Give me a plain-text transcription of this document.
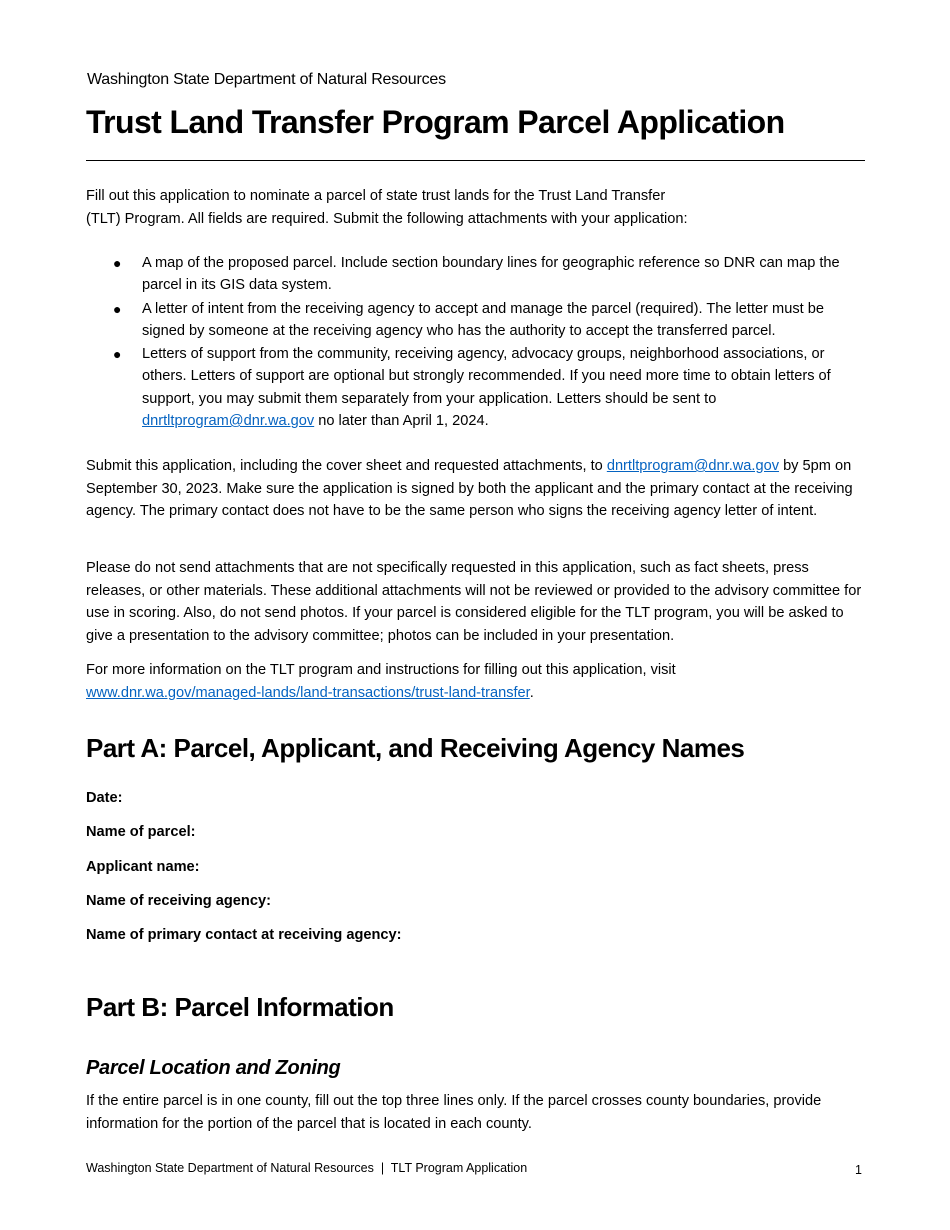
Washington State Department of Natural Resources
Trust Land Transfer Program Parcel Application
Fill out this application to nominate a parcel of state trust lands for the Trust Land Transfer
(TLT) Program. All fields are required. Submit the following attachments with your application:
● A map of the proposed parcel. Include section boundary lines for geographic reference so DNR can map the parcel in its GIS data system.
● A letter of intent from the receiving agency to accept and manage the parcel (required). The letter must be signed by someone at the receiving agency who has the authority to accept the transferred parcel.
● Letters of support from the community, receiving agency, advocacy groups, neighborhood associations, or others. Letters of support are optional but strongly recommended. If you need more time to obtain letters of support, you may submit them separately from your application. Letters should be sent to dnrtltprogram@dnr.wa.gov no later than April 1, 2024.
Submit this application, including the cover sheet and requested attachments, to dnrtltprogram@dnr.wa.gov by 5pm on September 30, 2023. Make sure the application is signed by both the applicant and the primary contact at the receiving agency. The primary contact does not have to be the same person who signs the receiving agency letter of intent.
Please do not send attachments that are not specifically requested in this application, such as fact sheets, press releases, or other materials. These additional attachments will not be reviewed or provided to the advisory committee for use in scoring. Also, do not send photos. If your parcel is considered eligible for the TLT program, you will be asked to give a presentation to the advisory committee; photos can be included in your presentation.
For more information on the TLT program and instructions for filling out this application, visit
www.dnr.wa.gov/managed-lands/land-transactions/trust-land-transfer.
Part A: Parcel, Applicant, and Receiving Agency Names
Date:
Name of parcel:
Applicant name:
Name of receiving agency:
Name of primary contact at receiving agency:
Part B: Parcel Information
Parcel Location and Zoning
If the entire parcel is in one county, fill out the top three lines only. If the parcel crosses county boundaries, provide information for the portion of the parcel that is located in each county.
Washington State Department of Natural Resources  |  TLT Program Application	1
